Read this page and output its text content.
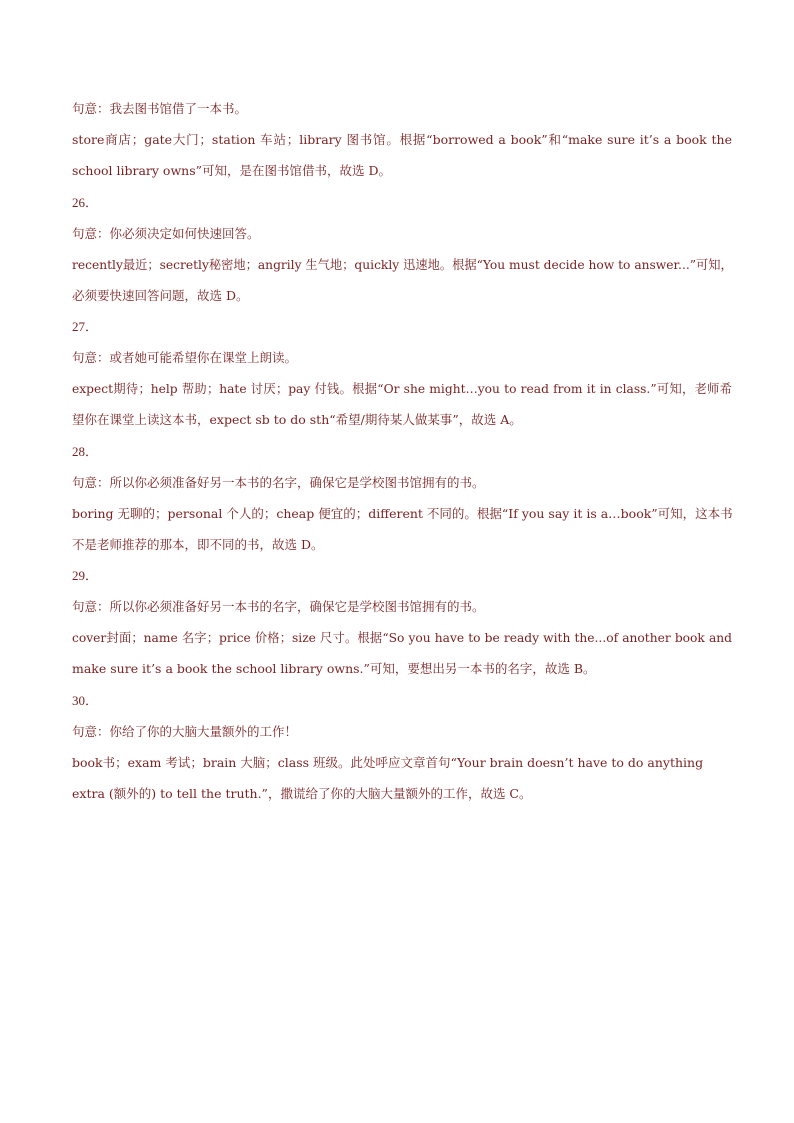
句意：我去图书馆借了一本书。
store商店；gate大门；station 车站；library 图书馆。根据“borrowed a book”和“make sure it’s a book the
school library owns”可知，是在图书馆借书，故选 D。
26．
句意：你必须决定如何快速回答。
recently最近；secretly秘密地；angrily 生气地；quickly 迅速地。根据“You must decide how to answer...”可知，
必须要快速回答问题，故选 D。
27．
句意：或者她可能希望你在课堂上朗读。
expect期待；help 帮助；hate 讨厌；pay 付钱。根据“Or she might…you to read from it in class.”可知，老师希
望你在课堂上读这本书，expect sb to do sth“希望/期待某人做某事”，故选 A。
28．
句意：所以你必须准备好另一本书的名字，确保它是学校图书馆拥有的书。
boring 无聊的；personal 个人的；cheap 便宜的；different 不同的。根据“If you say it is a…book”可知，这本书
不是老师推荐的那本，即不同的书，故选 D。
29．
句意：所以你必须准备好另一本书的名字，确保它是学校图书馆拥有的书。
cover封面；name 名字；price 价格；size 尺寸。根据“So you have to be ready with the...of another book and
make sure it’s a book the school library owns.”可知，要想出另一本书的名字，故选 B。
30．
句意：你给了你的大脑大量额外的工作！
book书；exam 考试；brain 大脑；class 班级。此处呼应文章首句“Your brain doesn’t have to do anything
extra (额外的) to tell the truth.”，撒谎给了你的大脑大量额外的工作，故选 C。
